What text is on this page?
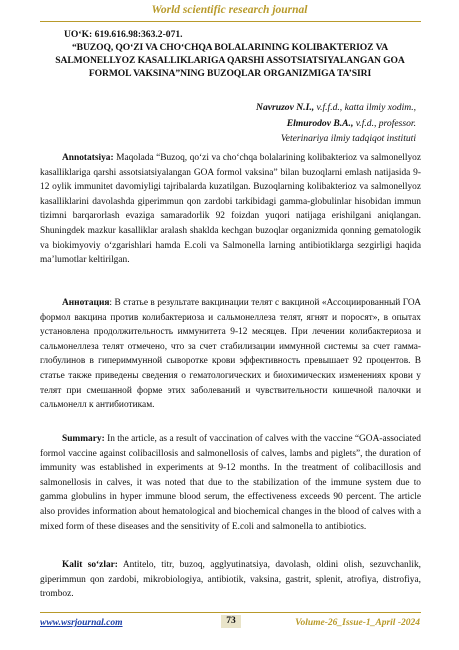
World scientific research journal
UO‘K: 619.616.98:363.2-071.
“BUZOQ, QO‘ZI VA CHO‘CHQA BOLALARINING KOLIBAKTERIOZ VA SALMONELLYOZ KASALLIKLARIGA QARSHI ASSOTSIATSIYALANGAN GOA FORMOL VAKSINA”NING BUZOQLAR ORGANIZMIGA TA’SIRI
Navruzov N.I., v.f.f.d., katta ilmiy xodim.,
Elmurodov B.A., v.f.d., professor.
Veterinariya ilmiy tadqiqot instituti
Annotatsiya: Maqolada “Buzoq, qo‘zi va cho‘chqa bolalarining kolibakterioz va salmonellyoz kasalliklariga qarshi assotsiatsiyalangan GOA formol vaksina” bilan buzoqlarni emlash natijasida 9-12 oylik immunitet davomiyligi tajribalarda kuzatilgan. Buzoqlarning kolibakterioz va salmonellyoz kasalliklarini davolashda giperimmun qon zardobi tarkibidagi gamma-globulinlar hisobidan immun tizimni barqarorlash evaziga samaradorlik 92 foizdan yuqori natijaga erishilgani aniqlangan. Shuningdek mazkur kasalliklar aralash shaklda kechgan buzoqlar organizmida qonning gematologik va biokimyoviy o‘zgarishlari hamda E.coli va Salmonella larning antibiotiklarga sezgirligi haqida ma’lumotlar keltirilgan.
Аннотация: В статье в результате вакцинации телят с вакциной «Ассоциированный ГОА формол вакцина против колибактериоза и сальмонеллеза телят, ягнят и поросят», в опытах установлена продолжительность иммунитета 9-12 месяцев. При лечении колибактериоза и сальмонеллеза телят отмечено, что за счет стабилизации иммунной системы за счет гамма-глобулинов в гипериммунной сыворотке крови эффективность превышает 92 процентов. В статье также приведены сведения о гематологических и биохимических изменениях крови у телят при смешанной форме этих заболеваний и чувствительности кишечной палочки и сальмонелл к антибиотикам.
Summary: In the article, as a result of vaccination of calves with the vaccine “GOA-associated formol vaccine against colibacillosis and salmonellosis of calves, lambs and piglets”, the duration of immunity was established in experiments at 9-12 months. In the treatment of colibacillosis and salmonellosis in calves, it was noted that due to the stabilization of the immune system due to gamma globulins in hyper immune blood serum, the effectiveness exceeds 90 percent. The article also provides information about hematological and biochemical changes in the blood of calves with a mixed form of these diseases and the sensitivity of E.coli and salmonella to antibiotics.
Kalit so‘zlar: Antitelo, titr, buzoq, agglyutinatsiya, davolash, oldini olish, sezuvchanlik, giperimmun qon zardobi, mikrobiologiya, antibiotik, vaksina, gastrit, splenit, atrofiya, distrofiya, tromboz.
www.wsrjournal.com	73	Volume-26_Issue-1_April -2024
